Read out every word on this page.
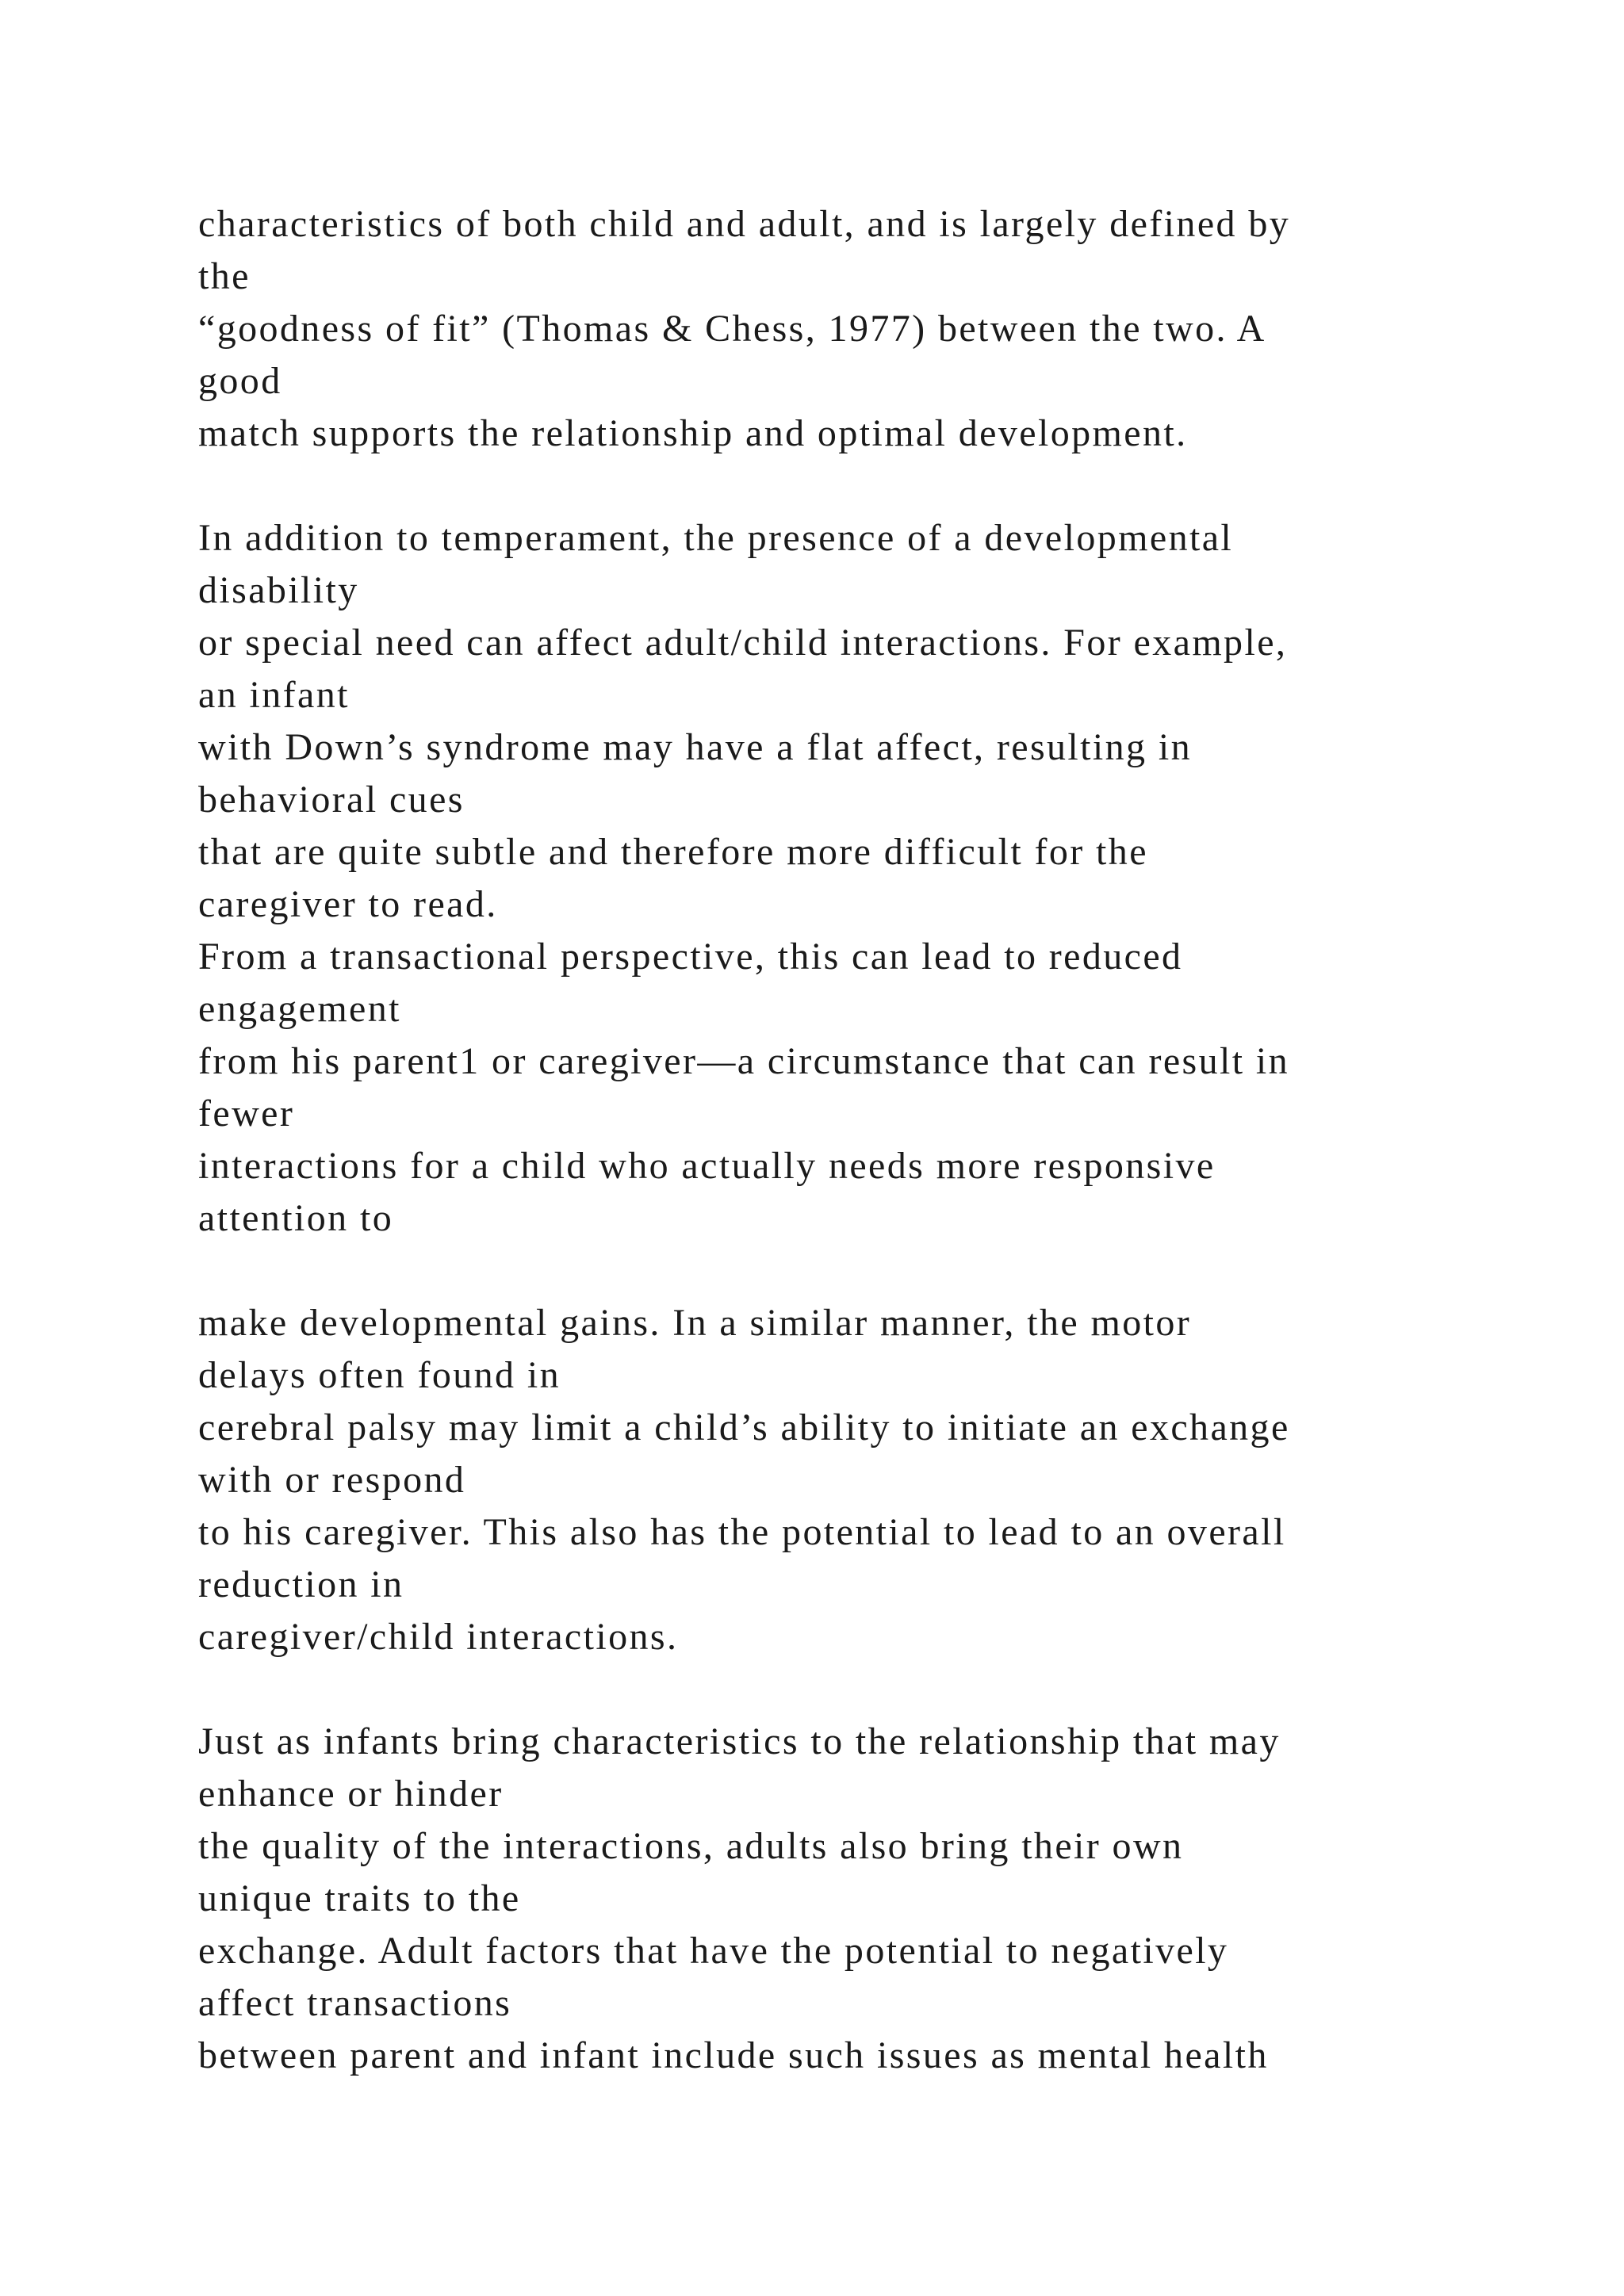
characteristics of both child and adult, and is largely defined by
the
“goodness of fit” (Thomas & Chess, 1977) between the two. A
good
match supports the relationship and optimal development.
In addition to temperament, the presence of a developmental
disability
or special need can affect adult/child interactions. For example,
an infant
with Down’s syndrome may have a flat affect, resulting in
behavioral cues
that are quite subtle and therefore more difficult for the
caregiver to read.
From a transactional perspective, this can lead to reduced
engagement
from his parent1 or caregiver—a circumstance that can result in
fewer
interactions for a child who actually needs more responsive
attention to
make developmental gains. In a similar manner, the motor
delays often found in
cerebral palsy may limit a child’s ability to initiate an exchange
with or respond
to his caregiver. This also has the potential to lead to an overall
reduction in
caregiver/child interactions.
Just as infants bring characteristics to the relationship that may
enhance or hinder
the quality of the interactions, adults also bring their own
unique traits to the
exchange. Adult factors that have the potential to negatively
affect transactions
between parent and infant include such issues as mental health
